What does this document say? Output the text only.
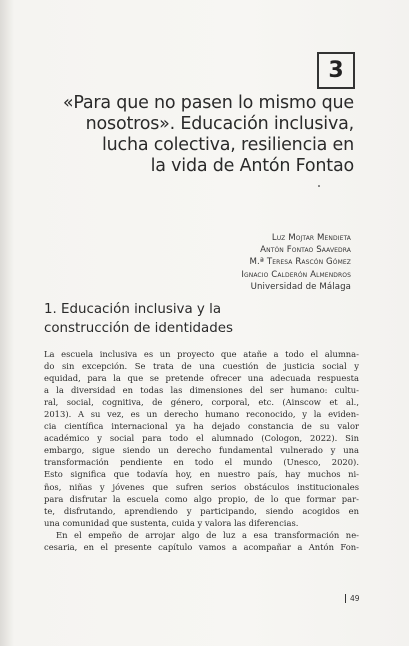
3
«Para que no pasen lo mismo que
nosotros». Educación inclusiva,
lucha colectiva, resiliencia en
la vida de Antón Fontao
Luz Mojtar Mendieta
Antón Fontao Saavedra
M.ª Teresa Rascón Gómez
Ignacio Calderón Almendros
Universidad de Málaga
1. Educación inclusiva y la
construcción de identidades
La escuela inclusiva es un proyecto que atañe a todo el alumna-
do sin excepción. Se trata de una cuestión de justicia social y
equidad, para la que se pretende ofrecer una adecuada respuesta
a la diversidad en todas las dimensiones del ser humano: cultu-
ral, social, cognitiva, de género, corporal, etc. (Ainscow et al.,
2013). A su vez, es un derecho humano reconocido, y la eviden-
cia científica internacional ya ha dejado constancia de su valor
académico y social para todo el alumnado (Cologon, 2022). Sin
embargo, sigue siendo un derecho fundamental vulnerado y una
transformación pendiente en todo el mundo (Unesco, 2020).
Esto significa que todavía hoy, en nuestro país, hay muchos ni-
ños, niñas y jóvenes que sufren serios obstáculos institucionales
para disfrutar la escuela como algo propio, de lo que formar par-
te, disfrutando, aprendiendo y participando, siendo acogidos en
una comunidad que sustenta, cuida y valora las diferencias.
En el empeño de arrojar algo de luz a esa transformación ne-
cesaria, en el presente capítulo vamos a acompañar a Antón Fon-
49
